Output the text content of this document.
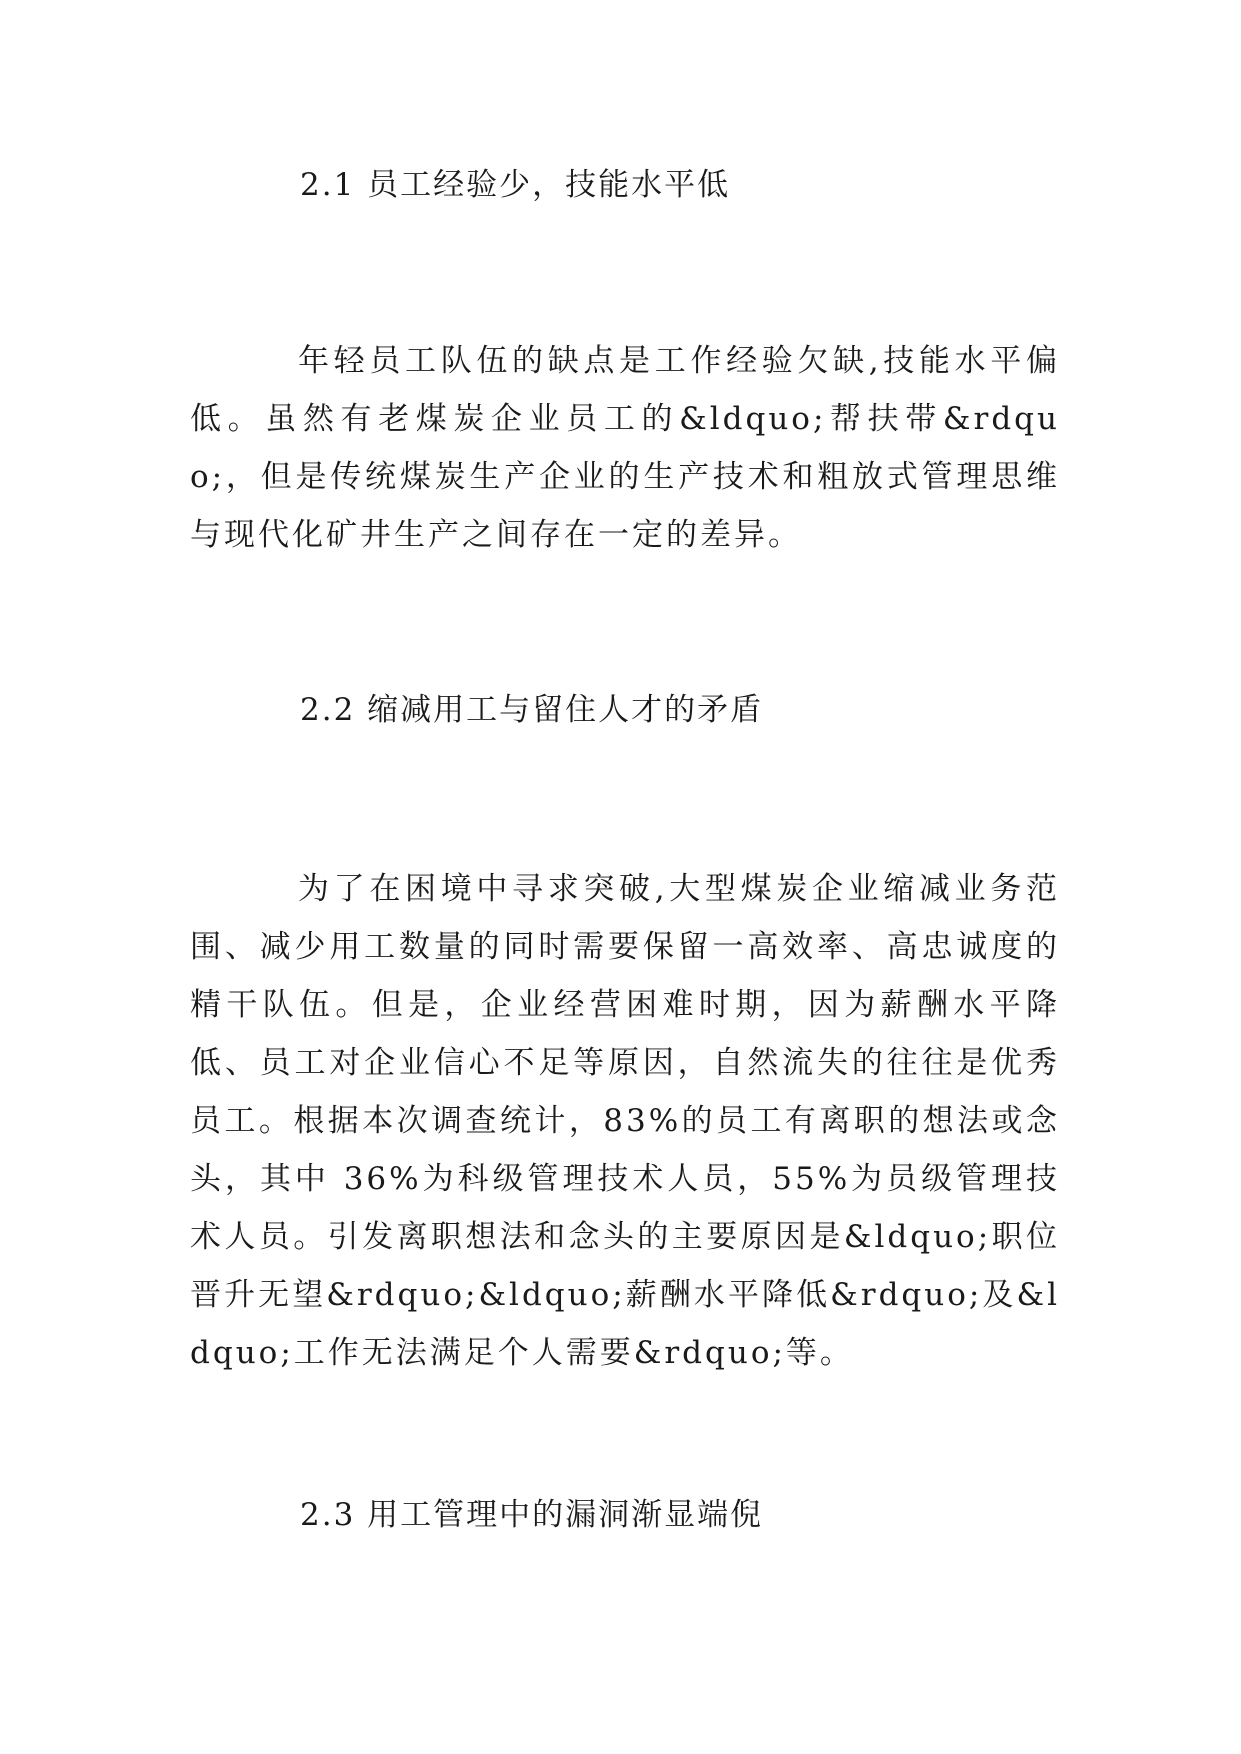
2.1 员工经验少，技能水平低
年轻员工队伍的缺点是工作经验欠缺,技能水平偏低。虽然有老煤炭企业员工的&ldquo;帮扶带&rdquo;，但是传统煤炭生产企业的生产技术和粗放式管理思维与现代化矿井生产之间存在一定的差异。
2.2 缩减用工与留住人才的矛盾
为了在困境中寻求突破,大型煤炭企业缩减业务范围、减少用工数量的同时需要保留一高效率、高忠诚度的精干队伍。但是，企业经营困难时期，因为薪酬水平降低、员工对企业信心不足等原因，自然流失的往往是优秀员工。根据本次调查统计，83%的员工有离职的想法或念头，其中 36%为科级管理技术人员，55%为员级管理技术人员。引发离职想法和念头的主要原因是&ldquo;职位晋升无望&rdquo;&ldquo;薪酬水平降低&rdquo;及&ldquo;工作无法满足个人需要&rdquo;等。
2.3 用工管理中的漏洞渐显端倪
